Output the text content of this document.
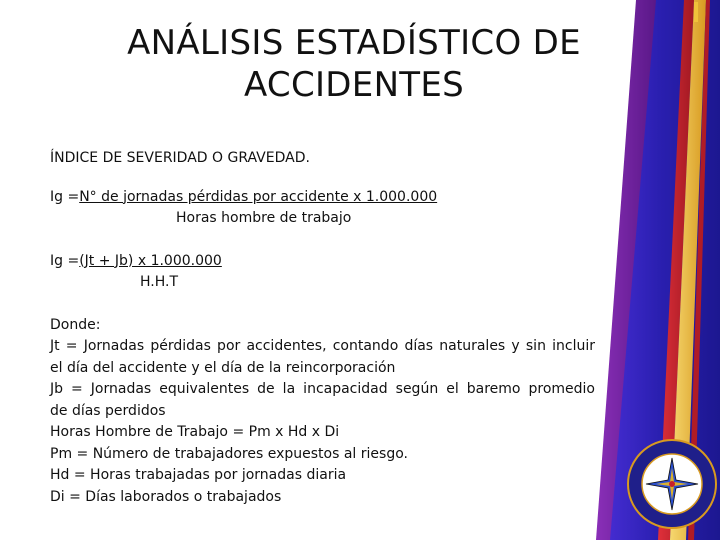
ANÁLISIS ESTADÍSTICO DE
ACCIDENTES
ÍNDICE DE SEVERIDAD O GRAVEDAD.
Ig =N° de jornadas pérdidas por accidente x 1.000.000
Horas hombre de trabajo
Ig =(Jt + Jb) x 1.000.000
H.H.T
Donde:
Jt = Jornadas pérdidas por accidentes, contando días naturales y sin incluir
el día del accidente y el día de la reincorporación
Jb = Jornadas equivalentes de la incapacidad según el baremo promedio
de días perdidos
Horas Hombre de Trabajo = Pm x Hd x Di
Pm = Número de trabajadores expuestos al riesgo.
Hd = Horas trabajadas por jornadas diaria
Di = Días laborados o trabajados
